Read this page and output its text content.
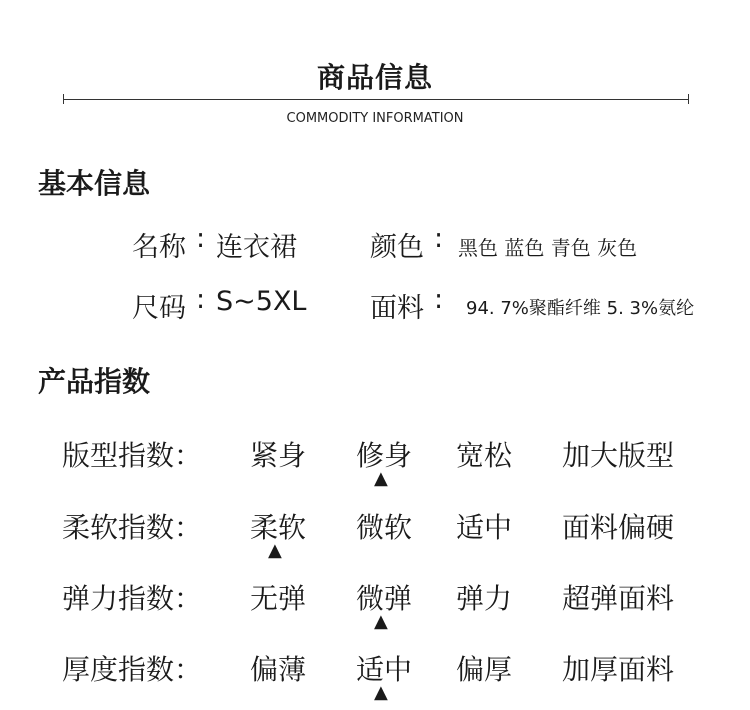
商品信息
COMMODITY INFORMATION
基本信息
名称 : 连衣裙	颜色 : 黑色 蓝色 青色 灰色
尺码 : S~5XL 面料 : 94. 7%聚酯纤维 5. 3%氨纶
产品指数
版型指数： 紧身 修身 宽松 加大版型
▲
柔软指数： 柔软 微软 适中 面料偏硬
▲
弹力指数： 无弹 微弹 弹力 超弹面料
▲
厚度指数： 偏薄 适中 偏厚 加厚面料
▲
